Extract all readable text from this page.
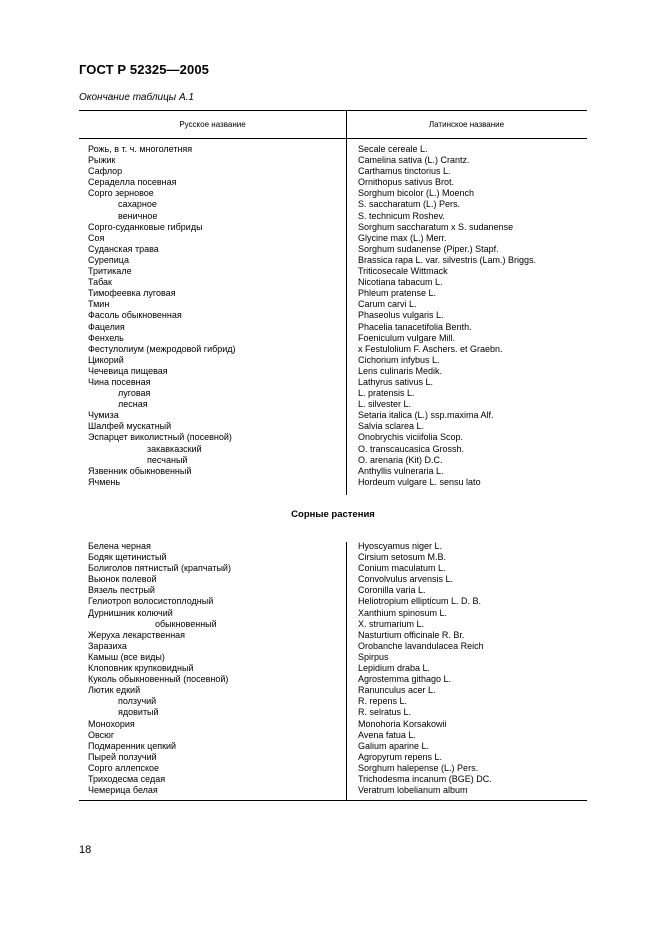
ГОСТ Р 52325—2005
Окончание таблицы А.1
Русское название	Латинское название
Рожь, в т. ч. многолетняя	Secale cereale L.
Рыжик	Camelina sativa (L.) Crantz.
Сафлор	Carthamus tinctorius L.
Сераделла посевная	Ornithopus sativus Brot.
Сорго зерновое	Sorghum bicolor (L.) Moench
сахарное	S. saccharatum (L.) Pers.
веничное	S. technicum Roshev.
Сорго-суданковые гибриды	Sorghum saccharatum x S. sudanense
Соя	Glycine max (L.) Merr.
Суданская трава	Sorghum sudanense (Piper.) Stapf.
Сурепица	Brassica rapa L. var. silvestris (Lam.) Briggs.
Тритикале	Triticosecale Wittmack
Табак	Nicotiana tabacum L.
Тимофеевка луговая	Phleum pratense L.
Тмин	Carum carvi L.
Фасоль обыкновенная	Phaseolus vulgaris L.
Фацелия	Phacelia tanacetifolia Benth.
Фенхель	Foeniculum vulgare Mill.
Фестулолиум (межродовой гибрид)	x Festulolium F. Aschers. et Graebn.
Цикорий	Cichorium infybus L.
Чечевица пищевая	Lens culinaris Medik.
Чина посевная	Lathyrus sativus L.
луговая	L. pratensis L.
лесная	L. silvester L.
Чумиза	Setaria italica (L.) ssp.maxima Alf.
Шалфей мускатный	Salvia sclarea L.
Эспарцет виколистный (посевной)	Onobrychis viciifolia Scop.
закавказский	O. transcaucasica Grossh.
песчаный	O. arenaria (Kit) D.C.
Язвенник обыкновенный	Anthyllis vulneraria L.
Ячмень	Hordeum vulgare L. sensu lato
Сорные растения
Белена черная	Hyoscyamus niger L.
Бодяк щетинистый	Cirsium setosum M.B.
Болиголов пятнистый (крапчатый)	Conium maculatum L.
Вьюнок полевой	Convolvulus arvensis L.
Вязель пестрый	Coronilla varia L.
Гелиотроп волосистоплодный	Heliotropium ellipticum L. D. B.
Дурнишник колючий	Xanthium spinosum L.
обыкновенный	X. strumarium L.
Жеруха лекарственная	Nasturtium officinale R. Br.
Заразиха	Orobanche lavandulacea Reich
Камыш (все виды)	Spirpus
Клоповник крупковидный	Lepidium draba L.
Куколь обыкновенный (посевной)	Agrostemma githago L.
Лютик едкий	Ranunculus acer L.
ползучий	R. repens L.
ядовитый	R. selratus L.
Монохория	Monohoria Korsakowii
Овсюг	Avena fatua L.
Подмаренник цепкий	Galium aparine L.
Пырей ползучий	Agropyrum repens L.
Сорго аллепское	Sorghum halepense (L.) Pers.
Триходесма седая	Trichodesma incanum (BGE) DC.
Чемерица белая	Veratrum lobelianum album
18
